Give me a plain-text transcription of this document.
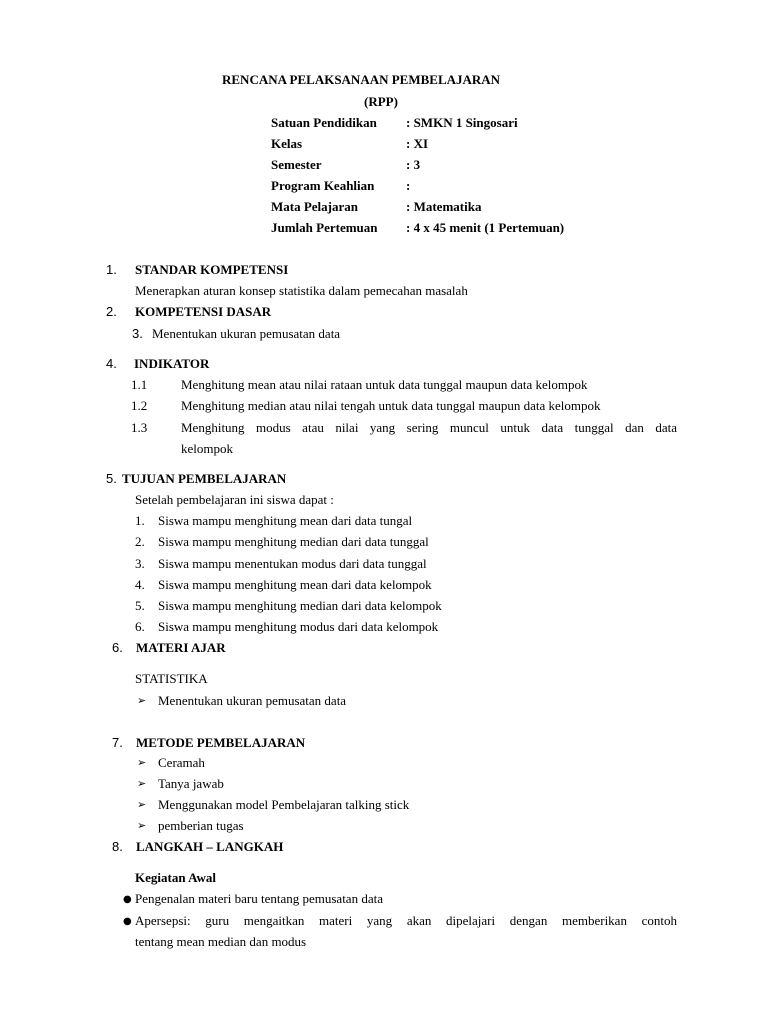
RENCANA PELAKSANAAN PEMBELAJARAN
(RPP)
Satuan Pendidikan : SMKN 1 Singosari
Kelas	: XI
Semester	: 3
Program Keahlian :
Mata Pelajaran	: Matematika
Jumlah Pertemuan : 4 x 45 menit (1 Pertemuan)
1. STANDAR KOMPETENSI
Menerapkan aturan konsep statistika dalam pemecahan masalah
2. KOMPETENSI DASAR
3. Menentukan ukuran pemusatan data
4. INDIKATOR
1.1	Menghitung mean atau nilai rataan untuk data tunggal maupun data kelompok
1.2	Menghitung median atau nilai tengah untuk data tunggal maupun data kelompok
1.3	Menghitung modus atau nilai yang sering muncul untuk data tunggal dan data
kelompok
5. TUJUAN PEMBELAJARAN
Setelah pembelajaran ini siswa dapat :
1. Siswa mampu menghitung mean dari data tungal
2. Siswa mampu menghitung median dari data tunggal
3. Siswa mampu menentukan modus dari data tunggal
4. Siswa mampu menghitung mean dari data kelompok
5. Siswa mampu menghitung median dari data kelompok
6. Siswa mampu menghitung modus dari data kelompok
6. MATERI AJAR
STATISTIKA
➢ Menentukan ukuran pemusatan data
7. METODE PEMBELAJARAN
➢ Ceramah
➢ Tanya jawab
➢ Menggunakan model Pembelajaran talking stick
➢ pemberian tugas
8. LANGKAH – LANGKAH
Kegiatan Awal
● Pengenalan materi baru tentang pemusatan data
● Apersepsi: guru mengaitkan materi yang akan dipelajari dengan memberikan contoh
tentang mean median dan modus
